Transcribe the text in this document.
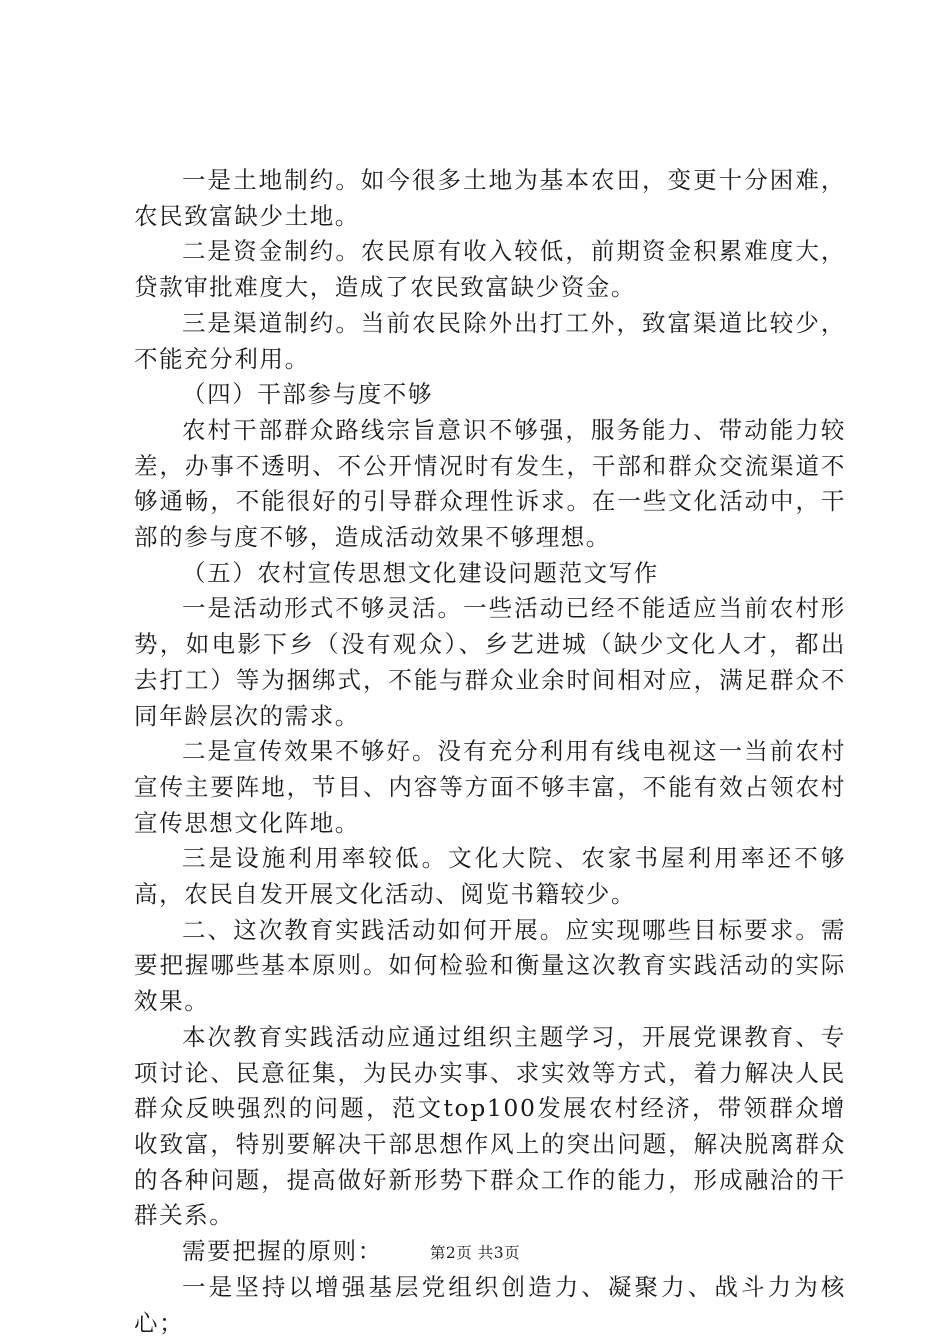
一是土地制约。如今很多土地为基本农田，变更十分困难，农民致富缺少土地。

二是资金制约。农民原有收入较低，前期资金积累难度大，贷款审批难度大，造成了农民致富缺少资金。

三是渠道制约。当前农民除外出打工外，致富渠道比较少，不能充分利用。

（四）干部参与度不够

农村干部群众路线宗旨意识不够强，服务能力、带动能力较差，办事不透明、不公开情况时有发生，干部和群众交流渠道不够通畅，不能很好的引导群众理性诉求。在一些文化活动中，干部的参与度不够，造成活动效果不够理想。

（五）农村宣传思想文化建设问题范文写作

一是活动形式不够灵活。一些活动已经不能适应当前农村形势，如电影下乡（没有观众）、乡艺进城（缺少文化人才，都出去打工）等为捆绑式，不能与群众业余时间相对应，满足群众不同年龄层次的需求。

二是宣传效果不够好。没有充分利用有线电视这一当前农村宣传主要阵地，节目、内容等方面不够丰富，不能有效占领农村宣传思想文化阵地。

三是设施利用率较低。文化大院、农家书屋利用率还不够高，农民自发开展文化活动、阅览书籍较少。

二、这次教育实践活动如何开展。应实现哪些目标要求。需要把握哪些基本原则。如何检验和衡量这次教育实践活动的实际效果。

本次教育实践活动应通过组织主题学习，开展党课教育、专项讨论、民意征集，为民办实事、求实效等方式，着力解决人民群众反映强烈的问题，范文top100发展农村经济，带领群众增收致富，特别要解决干部思想作风上的突出问题，解决脱离群众的各种问题，提高做好新形势下群众工作的能力，形成融洽的干群关系。

需要把握的原则：

一是坚持以增强基层党组织创造力、凝聚力、战斗力为核心；

第2页 共3页
